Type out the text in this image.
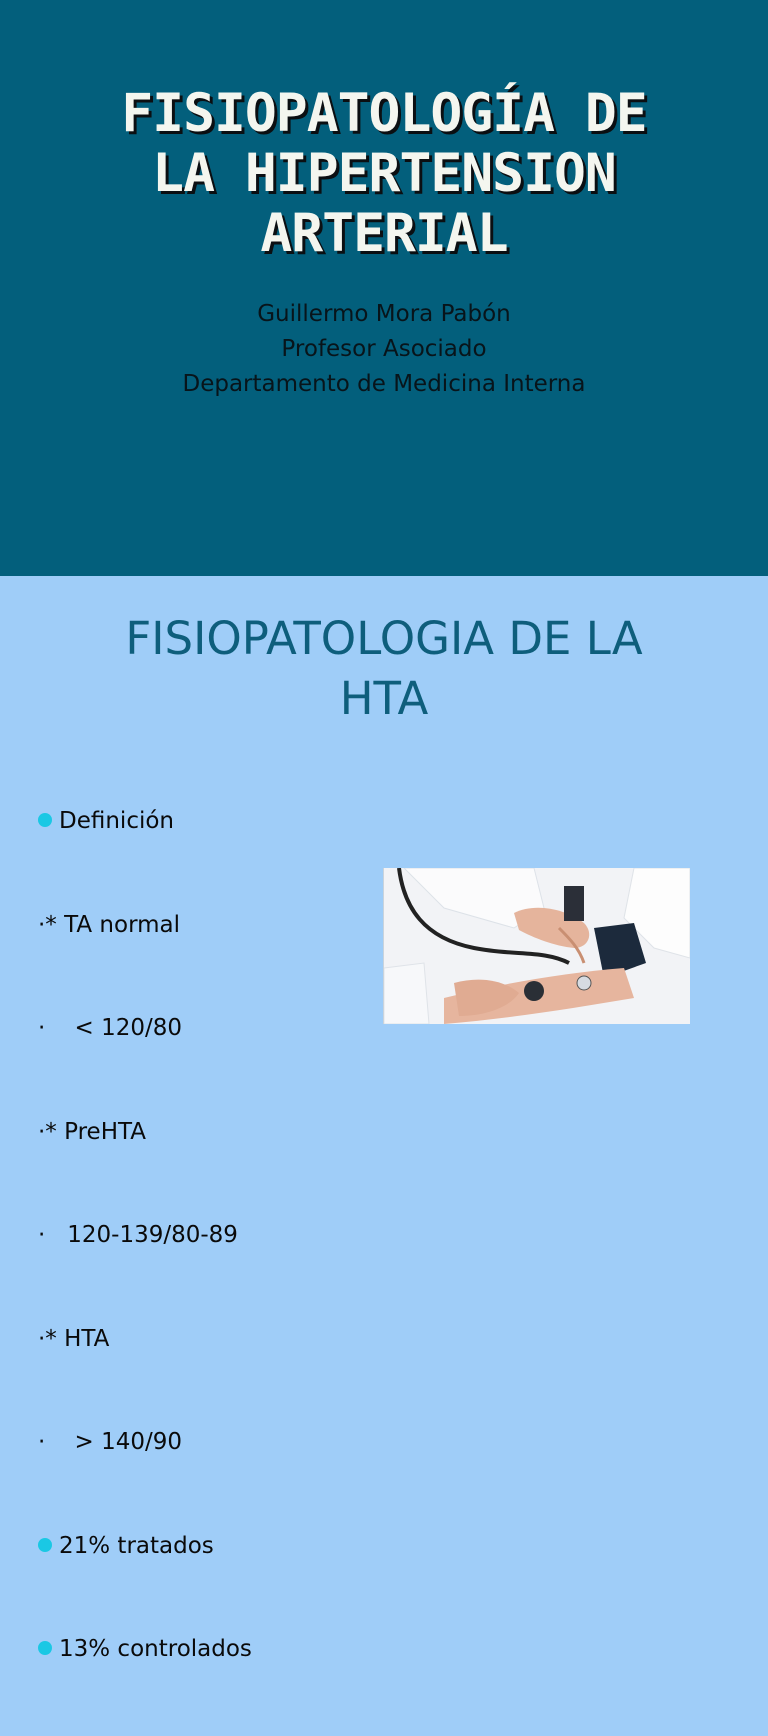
FISIOPATOLOGÍA DE
LA HIPERTENSION
ARTERIAL
Guillermo Mora Pabón
Profesor Asociado
Departamento de Medicina Interna
FISIOPATOLOGIA DE LA
HTA

Definición

·* TA normal

·    < 120/80

·* PreHTA

·   120-139/80-89

·* HTA

·    > 140/90

21% tratados

13% controlados
